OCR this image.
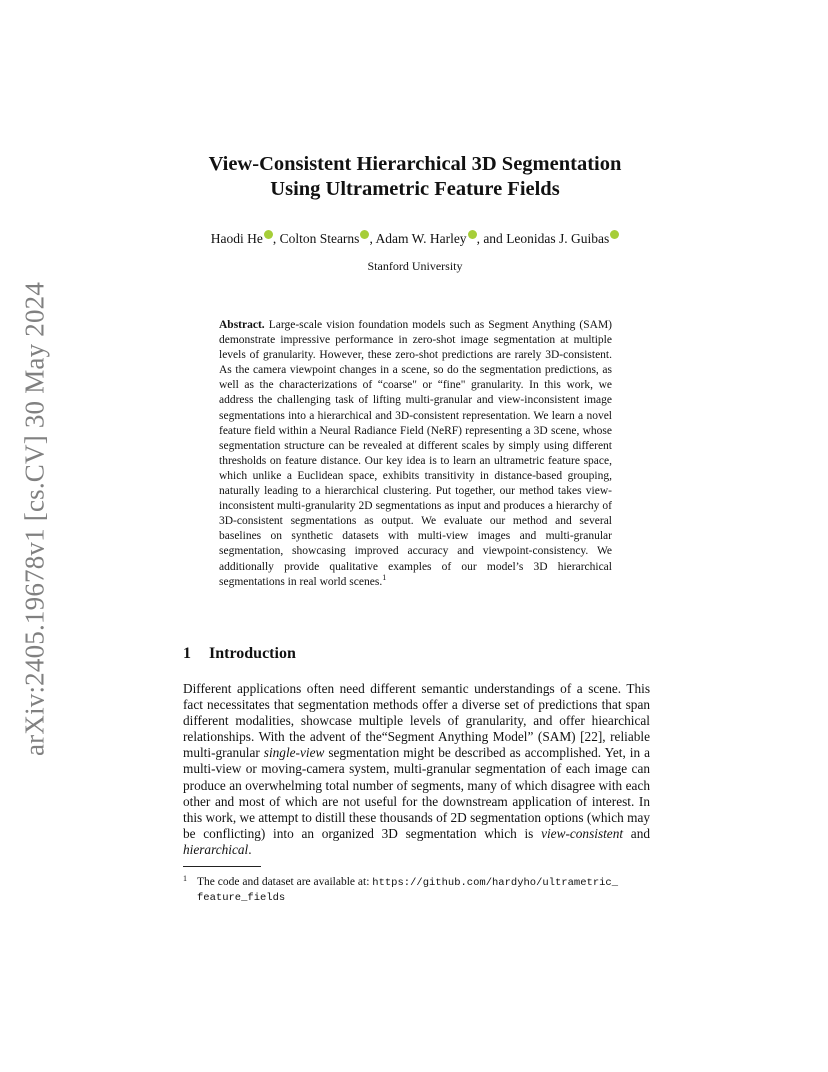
arXiv:2405.19678v1 [cs.CV] 30 May 2024
View-Consistent Hierarchical 3D Segmentation
Using Ultrametric Feature Fields
Haodi He , Colton Stearns , Adam W. Harley , and Leonidas J. Guibas
Stanford University
Abstract. Large-scale vision foundation models such as Segment Anything (SAM) demonstrate impressive performance in zero-shot image segmentation at multiple levels of granularity. However, these zero-shot predictions are rarely 3D-consistent. As the camera viewpoint changes in a scene, so do the segmentation predictions, as well as the characterizations of “coarse" or “fine" granularity. In this work, we address the challenging task of lifting multi-granular and view-inconsistent image segmentations into a hierarchical and 3D-consistent representation. We learn a novel feature field within a Neural Radiance Field (NeRF) representing a 3D scene, whose segmentation structure can be revealed at different scales by simply using different thresholds on feature distance. Our key idea is to learn an ultrametric feature space, which unlike a Euclidean space, exhibits transitivity in distance-based grouping, naturally leading to a hierarchical clustering. Put together, our method takes view-inconsistent multi-granularity 2D segmentations as input and produces a hierarchy of 3D-consistent segmentations as output. We evaluate our method and several baselines on synthetic datasets with multi-view images and multi-granular segmentation, showcasing improved accuracy and viewpoint-consistency. We additionally provide qualitative examples of our model’s 3D hierarchical segmentations in real world scenes.$^1$
1 Introduction
Different applications often need different semantic understandings of a scene. This fact necessitates that segmentation methods offer a diverse set of predictions that span different modalities, showcase multiple levels of granularity, and offer hiearchical relationships. With the advent of the“Segment Anything Model” (SAM) [22], reliable multi-granular single-view segmentation might be described as accomplished. Yet, in a multi-view or moving-camera system, multi-granular segmentation of each image can produce an overwhelming total number of segments, many of which disagree with each other and most of which are not useful for the downstream application of interest. In this work, we attempt to distill these thousands of 2D segmentation options (which may be conflicting) into an organized 3D segmentation which is view-consistent and hierarchical.
1 The code and dataset are available at: https://github.com/hardyho/ultrametric_
feature_fields
